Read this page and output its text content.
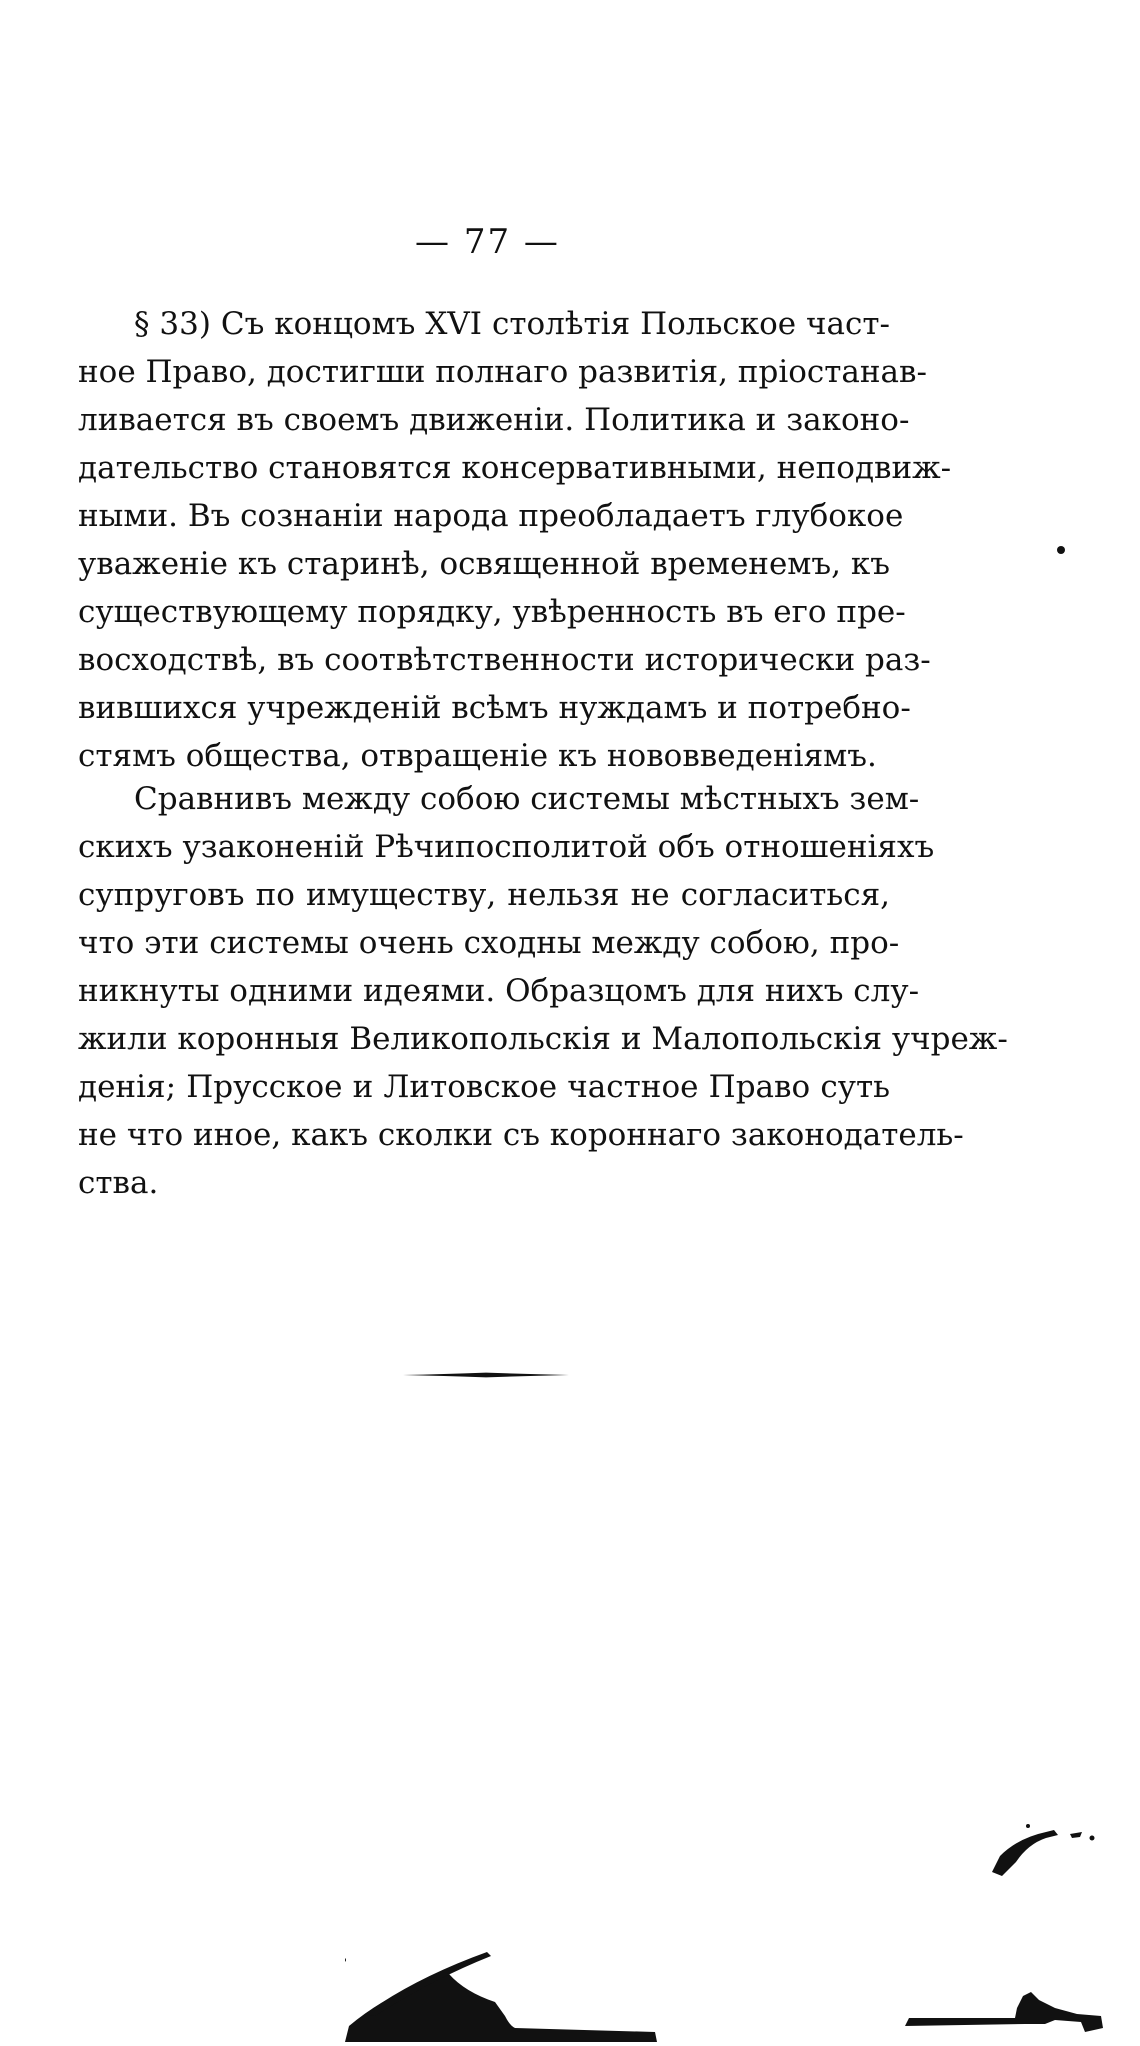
— 77 —
§ 33) Съ концомъ XVI столѣтія Польское част-
ное Право, достигши полнаго развитія, пріостанав-
ливается въ своемъ движеніи. Политика и законо-
дательство становятся консервативными, неподвиж-
ными. Въ сознаніи народа преобладаетъ глубокое
уваженіе къ старинѣ, освященной временемъ, къ
существующему порядку, увѣренность въ его пре-
восходствѣ, въ соотвѣтственности исторически раз-
вившихся учрежденій всѣмъ нуждамъ и потребно-
стямъ общества, отвращеніе къ нововведеніямъ.
Сравнивъ между собою системы мѣстныхъ зем-
скихъ узаконеній Рѣчипосполитой объ отношеніяхъ
супруговъ по имуществу, нельзя не согласиться,
что эти системы очень сходны между собою, про-
никнуты одними идеями. Образцомъ для нихъ слу-
жили коронныя Великопольскія и Малопольскія учреж-
денія; Прусское и Литовское частное Право суть
не что иное, какъ сколки съ короннаго законодатель-
ства.
